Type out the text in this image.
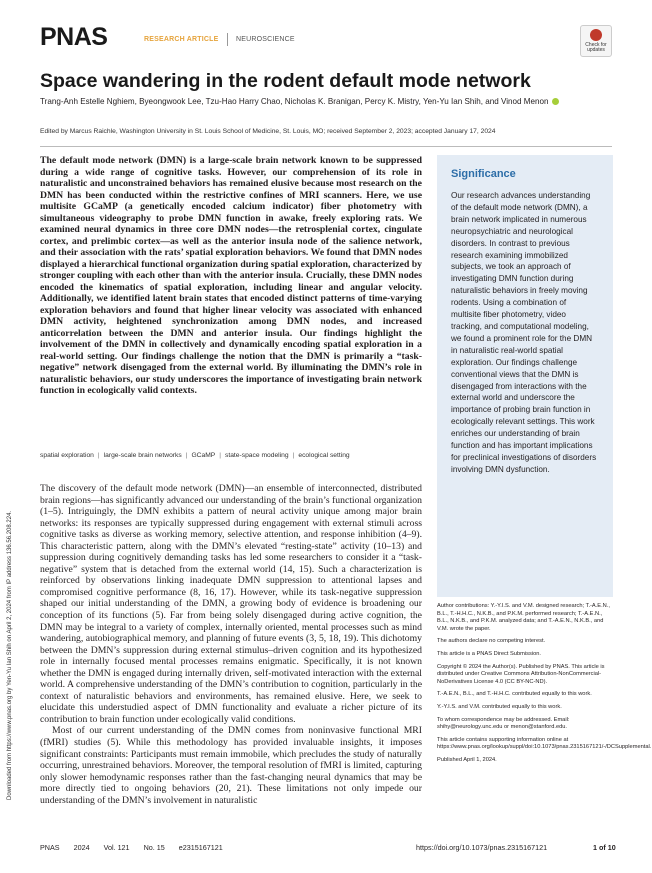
PNAS	RESEARCH ARTICLE	NEUROSCIENCE
Check for updates
Space wandering in the rodent default mode network
Trang-Anh Estelle Nghiem, Byeongwook Lee, Tzu-Hao Harry Chao, Nicholas K. Branigan, Percy K. Mistry, Yen-Yu Ian Shih, and Vinod Menon
Edited by Marcus Raichle, Washington University in St. Louis School of Medicine, St. Louis, MO; received September 2, 2023; accepted January 17, 2024
The default mode network (DMN) is a large-scale brain network known to be suppressed during a wide range of cognitive tasks. However, our comprehension of its role in naturalistic and unconstrained behaviors has remained elusive because most research on the DMN has been conducted within the restrictive confines of MRI scanners. Here, we use multisite GCaMP (a genetically encoded calcium indicator) fiber photometry with simultaneous videography to probe DMN function in awake, freely exploring rats. We examined neural dynamics in three core DMN nodes—the retrosplenial cortex, cingulate cortex, and prelimbic cortex—as well as the anterior insula node of the salience network, and their association with the rats’ spatial exploration behaviors. We found that DMN nodes displayed a hierarchical functional organization during spatial exploration, characterized by stronger coupling with each other than with the anterior insula. Crucially, these DMN nodes encoded the kinematics of spatial exploration, including linear and angular velocity. Additionally, we identified latent brain states that encoded distinct patterns of time-varying exploration behaviors and found that higher linear velocity was associated with enhanced DMN activity, heightened synchronization among DMN nodes, and increased anticorrelation between the DMN and anterior insula. Our findings highlight the involvement of the DMN in collectively and dynamically encoding spatial exploration in a real-world setting. Our findings challenge the notion that the DMN is primarily a “task-negative” network disengaged from the external world. By illuminating the DMN’s role in naturalistic behaviors, our study underscores the importance of investigating brain network function in ecologically valid contexts.
spatial exploration | large-scale brain networks | GCaMP | state-space modeling | ecological setting
Significance
Our research advances understanding of the default mode network (DMN), a brain network implicated in numerous neuropsychiatric and neurological disorders. In contrast to previous research examining immobilized subjects, we took an approach of investigating DMN function during naturalistic behaviors in freely moving rodents. Using a combination of multisite fiber photometry, video tracking, and computational modeling, we found a prominent role for the DMN in naturalistic real-world spatial exploration. Our findings challenge conventional views that the DMN is disengaged from interactions with the external world and underscore the importance of probing brain function in ecologically relevant settings. This work enriches our understanding of brain function and has important implications for preclinical investigations of disorders involving DMN dysfunction.

The discovery of the default mode network (DMN)—an ensemble of interconnected, distributed brain regions—has significantly advanced our understanding of the brain’s functional organization (1–5). Intriguingly, the DMN exhibits a pattern of neural activity unique among major brain networks: its responses are typically suppressed during engagement with external stimuli across cognitive tasks as diverse as working memory, selective attention, and response inhibition (4–9). This characteristic pattern, along with the DMN’s elevated “resting-state” activity (10–13) and suppression during cognitively demanding tasks has led some researchers to consider it a “task-negative” system that is detached from the external world (14, 15). Such a characterization is reinforced by observations linking inadequate DMN suppression to attentional lapses and compromised cognitive performance (8, 16, 17). However, while its task-negative suppression shaped our initial understanding of the DMN, a growing body of evidence is broadening our conception of its functions (5). Far from being solely disengaged during active cognition, the DMN may be integral to a variety of complex, internally oriented, mental processes such as mind wandering, autobiographical memory, and planning of future events (3, 5, 18, 19). This dichotomy between the DMN’s suppression during external stimulus–driven cognition and its hypothesized role in internally focused mental processes remains enigmatic. Specifically, it is not known whether the DMN is engaged during internally driven, self-motivated interaction with the external world. A comprehensive understanding of the DMN’s contribution to cognition, particularly in the context of naturalistic behaviors and environments, has remained elusive. Here, we seek to elucidate this understudied aspect of DMN functionality and evaluate a richer picture of its contribution to brain function under ecologically valid conditions.

Most of our current understanding of the DMN comes from noninvasive functional MRI (fMRI) studies (5). While this methodology has provided invaluable insights, it imposes significant constraints: Participants must remain immobile, which precludes the study of naturally occurring, unrestrained behaviors. Moreover, the temporal resolution of fMRI is limited, capturing only slower hemodynamic responses rather than the fast-changing neural dynamics that may be more directly tied to ongoing behaviors (20, 21). These limitations not only impede our understanding of the DMN’s involvement in naturalistic

Author contributions: Y.-Y.I.S. and V.M. designed research; T.-A.E.N., B.L., T.-H.H.C., N.K.B., and P.K.M. performed research; T.-A.E.N., B.L., N.K.B., and P.K.M. analyzed data; and T.-A.E.N., N.K.B., and V.M. wrote the paper.

The authors declare no competing interest.

This article is a PNAS Direct Submission.

Copyright © 2024 the Author(s). Published by PNAS. This article is distributed under Creative Commons Attribution-NonCommercial-NoDerivatives License 4.0 (CC BY-NC-ND).

T.-A.E.N., B.L., and T.-H.H.C. contributed equally to this work.

Y.-Y.I.S. and V.M. contributed equally to this work.

To whom correspondence may be addressed. Email: shihy@neurology.unc.edu or menon@stanford.edu.

This article contains supporting information online at https://www.pnas.org/lookup/suppl/doi:10.1073/pnas.2315167121/-/DCSupplemental.

Published April 1, 2024.

Downloaded from https://www.pnas.org by Yen-Yu Ian Shih on April 2, 2024 from IP address 136.56.208.224.
PNAS 2024 Vol. 121 No. 15 e2315167121	https://doi.org/10.1073/pnas.2315167121	1 of 10
